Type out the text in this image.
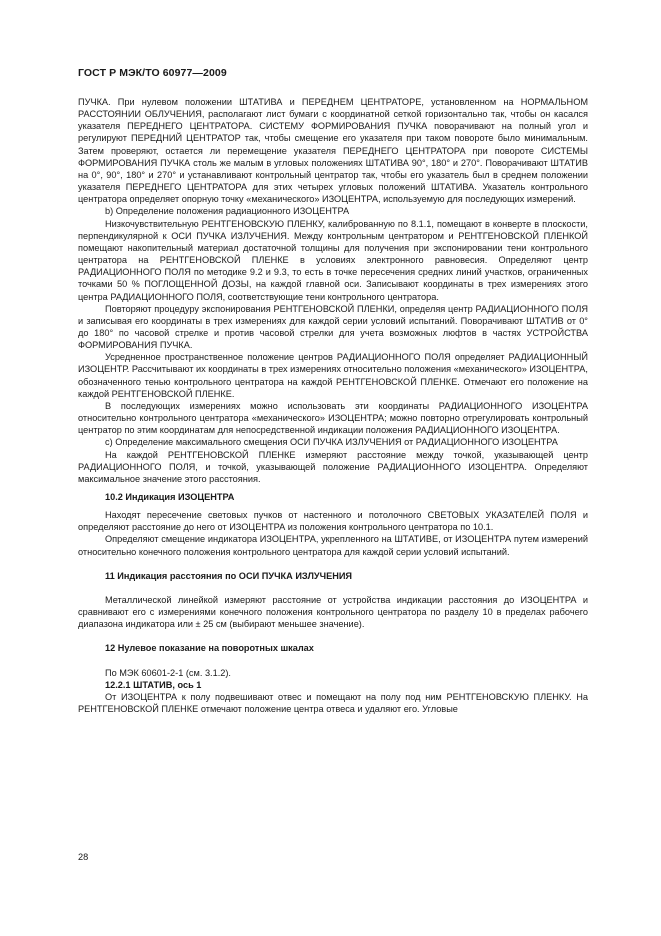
ГОСТ Р МЭК/ТО 60977—2009

ПУЧКА. При нулевом положении ШТАТИВА и ПЕРЕДНЕМ ЦЕНТРАТОРЕ, установленном на НОРМАЛЬНОМ РАССТОЯНИИ ОБЛУЧЕНИЯ, располагают лист бумаги с координатной сеткой горизонтально так, чтобы он касался указателя ПЕРЕДНЕГО ЦЕНТРАТОРА. СИСТЕМУ ФОРМИРОВАНИЯ ПУЧКА поворачивают на полный угол и регулируют ПЕРЕДНИЙ ЦЕНТРАТОР так, чтобы смещение его указателя при таком повороте было минимальным. Затем проверяют, остается ли перемещение указателя ПЕРЕДНЕГО ЦЕНТРАТОРА при повороте СИСТЕМЫ ФОРМИРОВАНИЯ ПУЧКА столь же малым в угловых положениях ШТАТИВА 90°, 180° и 270°. Поворачивают ШТАТИВ на 0°, 90°, 180° и 270° и устанавливают контрольный центратор так, чтобы его указатель был в среднем положении указателя ПЕРЕДНЕГО ЦЕНТРАТОРА для этих четырех угловых положений ШТАТИВА. Указатель контрольного центратора определяет опорную точку «механического» ИЗОЦЕНТРА, используемую для последующих измерений.

b) Определение положения радиационного ИЗОЦЕНТРА

Низкочувствительную РЕНТГЕНОВСКУЮ ПЛЕНКУ, калиброванную по 8.1.1, помещают в конверте в плоскости, перпендикулярной к ОСИ ПУЧКА ИЗЛУЧЕНИЯ. Между контрольным центратором и РЕНТГЕНОВСКОЙ ПЛЕНКОЙ помещают накопительный материал достаточной толщины для получения при экспонировании тени контрольного центратора на РЕНТГЕНОВСКОЙ ПЛЕНКЕ в условиях электронного равновесия. Определяют центр РАДИАЦИОННОГО ПОЛЯ по методике 9.2 и 9.3, то есть в точке пересечения средних линий участков, ограниченных точками 50 % ПОГЛОЩЕННОЙ ДОЗЫ, на каждой главной оси. Записывают координаты в трех измерениях этого центра РАДИАЦИОННОГО ПОЛЯ, соответствующие тени контрольного центратора.

Повторяют процедуру экспонирования РЕНТГЕНОВСКОЙ ПЛЕНКИ, определяя центр РАДИАЦИОННОГО ПОЛЯ и записывая его координаты в трех измерениях для каждой серии условий испытаний. Поворачивают ШТАТИВ от 0° до 180° по часовой стрелке и против часовой стрелки для учета возможных люфтов в частях УСТРОЙСТВА ФОРМИРОВАНИЯ ПУЧКА.

Усредненное пространственное положение центров РАДИАЦИОННОГО ПОЛЯ определяет РАДИАЦИОННЫЙ ИЗОЦЕНТР. Рассчитывают их координаты в трех измерениях относительно положения «механического» ИЗОЦЕНТРА, обозначенного тенью контрольного центратора на каждой РЕНТГЕНОВСКОЙ ПЛЕНКЕ. Отмечают его положение на каждой РЕНТГЕНОВСКОЙ ПЛЕНКЕ.

В последующих измерениях можно использовать эти координаты РАДИАЦИОННОГО ИЗОЦЕНТРА относительно контрольного центратора «механического» ИЗОЦЕНТРА; можно повторно отрегулировать контрольный центратор по этим координатам для непосредственной индикации положения РАДИАЦИОННОГО ИЗОЦЕНТРА.

c) Определение максимального смещения ОСИ ПУЧКА ИЗЛУЧЕНИЯ от РАДИАЦИОННОГО ИЗОЦЕНТРА

На каждой РЕНТГЕНОВСКОЙ ПЛЕНКЕ измеряют расстояние между точкой, указывающей центр РАДИАЦИОННОГО ПОЛЯ, и точкой, указывающей положение РАДИАЦИОННОГО ИЗОЦЕНТРА. Определяют максимальное значение этого расстояния.

10.2 Индикация ИЗОЦЕНТРА

Находят пересечение световых пучков от настенного и потолочного СВЕТОВЫХ УКАЗАТЕЛЕЙ ПОЛЯ и определяют расстояние до него от ИЗОЦЕНТРА из положения контрольного центратора по 10.1.

Определяют смещение индикатора ИЗОЦЕНТРА, укрепленного на ШТАТИВЕ, от ИЗОЦЕНТРА путем измерений относительно конечного положения контрольного центратора для каждой серии условий испытаний.

11 Индикация расстояния по ОСИ ПУЧКА ИЗЛУЧЕНИЯ

Металлической линейкой измеряют расстояние от устройства индикации расстояния до ИЗОЦЕНТРА и сравнивают его с измерениями конечного положения контрольного центратора по разделу 10 в пределах рабочего диапазона индикатора или ± 25 см (выбирают меньшее значение).

12 Нулевое показание на поворотных шкалах

По МЭК 60601-2-1 (см. 3.1.2).

12.2.1 ШТАТИВ, ось 1

От ИЗОЦЕНТРА к полу подвешивают отвес и помещают на полу под ним РЕНТГЕНОВСКУЮ ПЛЕНКУ. На РЕНТГЕНОВСКОЙ ПЛЕНКЕ отмечают положение центра отвеса и удаляют его. Угловые

28
